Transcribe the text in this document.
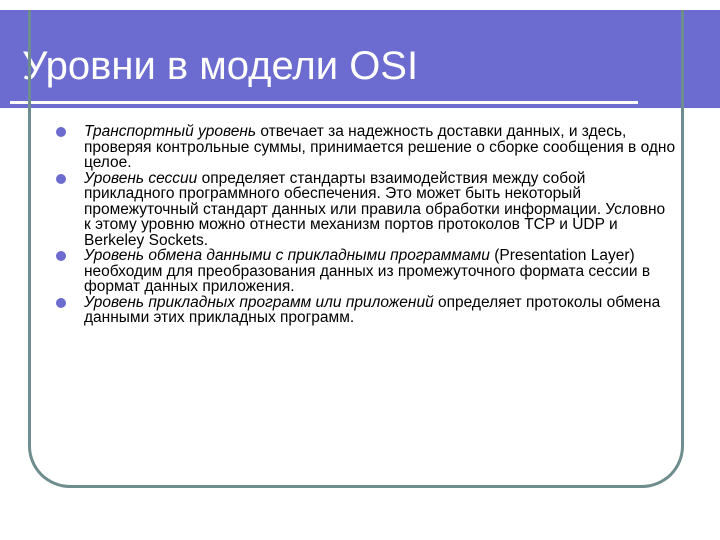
Уровни в модели OSI
Транспортный уровень отвечает за надежность доставки данных, и здесь, проверяя контрольные суммы, принимается решение о сборке сообщения в одно целое.
Уровень сессии определяет стандарты взаимодействия между собой прикладного программного обеспечения. Это может быть некоторый промежуточный стандарт данных или правила обработки информации. Условно к этому уровню можно отнести механизм портов протоколов TCP и UDP и Berkeley Sockets.
Уровень обмена данными с прикладными программами (Presentation Layer) необходим для преобразования данных из промежуточного формата сессии в формат данных приложения.
Уровень прикладных программ или приложений определяет протоколы обмена данными этих прикладных программ.
